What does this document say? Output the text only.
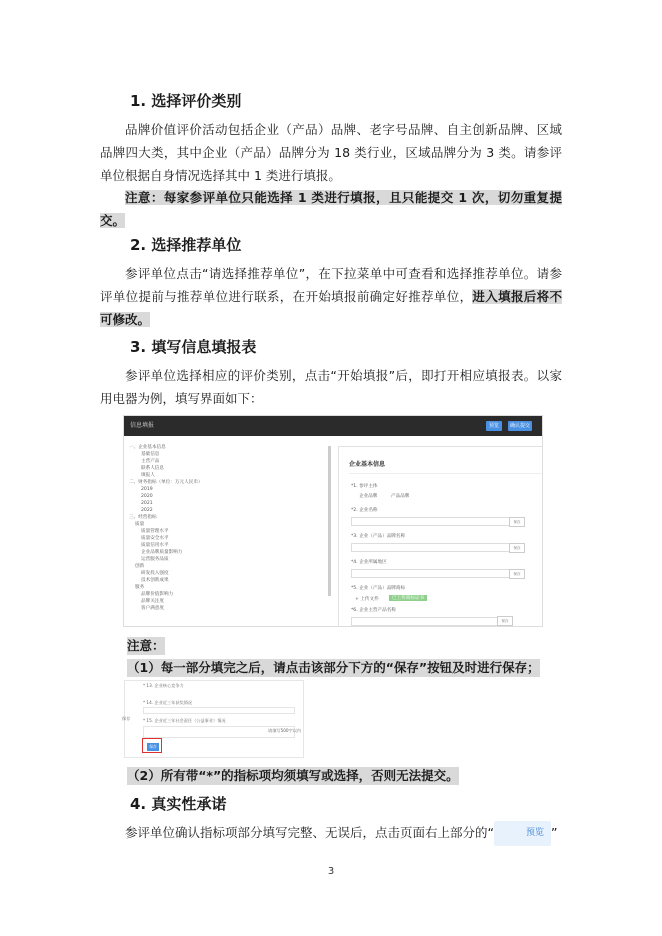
1. 选择评价类别

品牌价值评价活动包括企业（产品）品牌、老字号品牌、自主创新品牌、区域品牌四大类，其中企业（产品）品牌分为 18 类行业，区域品牌分为 3 类。请参评单位根据自身情况选择其中 1 类进行填报。

注意：每家参评单位只能选择 1 类进行填报，且只能提交 1 次，切勿重复提交。

2. 选择推荐单位

参评单位点击“请选择推荐单位”，在下拉菜单中可查看和选择推荐单位。请参评单位提前与推荐单位进行联系，在开始填报前确定好推荐单位，进入填报后将不可修改。

3. 填写信息填报表

参评单位选择相应的评价类别，点击“开始填报”后，即打开相应填报表。以家用电器为例，填写界面如下：

信息填报	预览	确认提交
一、企业基本信息
基础信息
主营产品
联系人信息
填报人
二、财务指标（单位：万元人民币）
2019
2020
2021
2022
三、经营指标
质量
质量管理水平
质量安全水平
质量信用水平
企业品牌质量影响力
运营服务品质
创新
研发投入强度
技术创新成果
服务
品牌价值影响力
品牌关注度
客户满意度
企业基本信息
*1. 参评主体
企业品牌	产品品牌
*2. 企业名称
保存
*3. 企业（产品）品牌名称
保存
*4. 企业所属地区
保存
*5. 企业（产品）品牌商标
+ 上传文件	已上传商标证书
*6. 企业主营产品名称
保存
注意：
（1）每一部分填完之后，请点击该部分下方的“保存”按钮及时进行保存；
保存
* 13. 企业核心竞争力
* 14. 企业近三年获奖情况
* 15. 企业近三年社会责任（公益事业）情况
请填写500字以内
保存
（2）所有带“*”的指标项均须填写或选择，否则无法提交。
4. 真实性承诺

参评单位确认指标项部分填写完整、无误后，点击页面右上部分的“	预览 ”

3
